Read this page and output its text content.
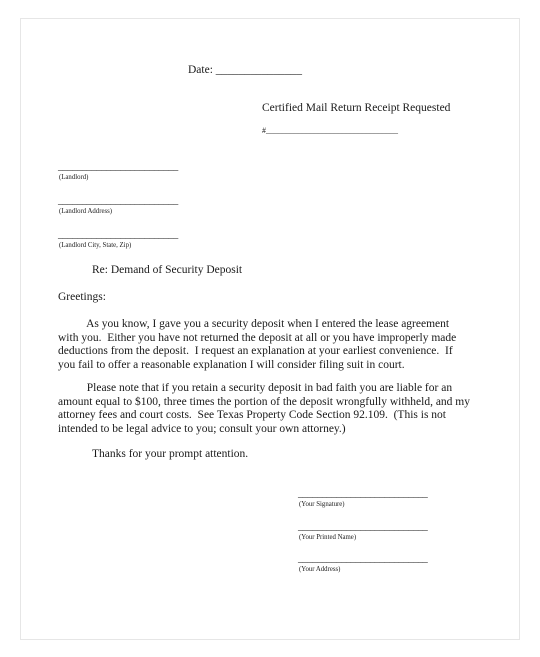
Date: _______________
Certified Mail Return Receipt Requested
#_________________________________
_________________________
(Landlord)
_________________________
(Landlord Address)
_________________________
(Landlord City, State, Zip)
Re: Demand of Security Deposit
Greetings:
As you know, I gave you a security deposit when I entered the lease agreement
with you.  Either you have not returned the deposit at all or you have improperly made
deductions from the deposit.  I request an explanation at your earliest convenience.  If
you fail to offer a reasonable explanation I will consider filing suit in court.
Please note that if you retain a security deposit in bad faith you are liable for an
amount equal to $100, three times the portion of the deposit wrongfully withheld, and my
attorney fees and court costs.  See Texas Property Code Section 92.109.  (This is not
intended to be legal advice to you; consult your own attorney.)
Thanks for your prompt attention.
___________________________
(Your Signature)
___________________________
(Your Printed Name)
___________________________
(Your Address)
